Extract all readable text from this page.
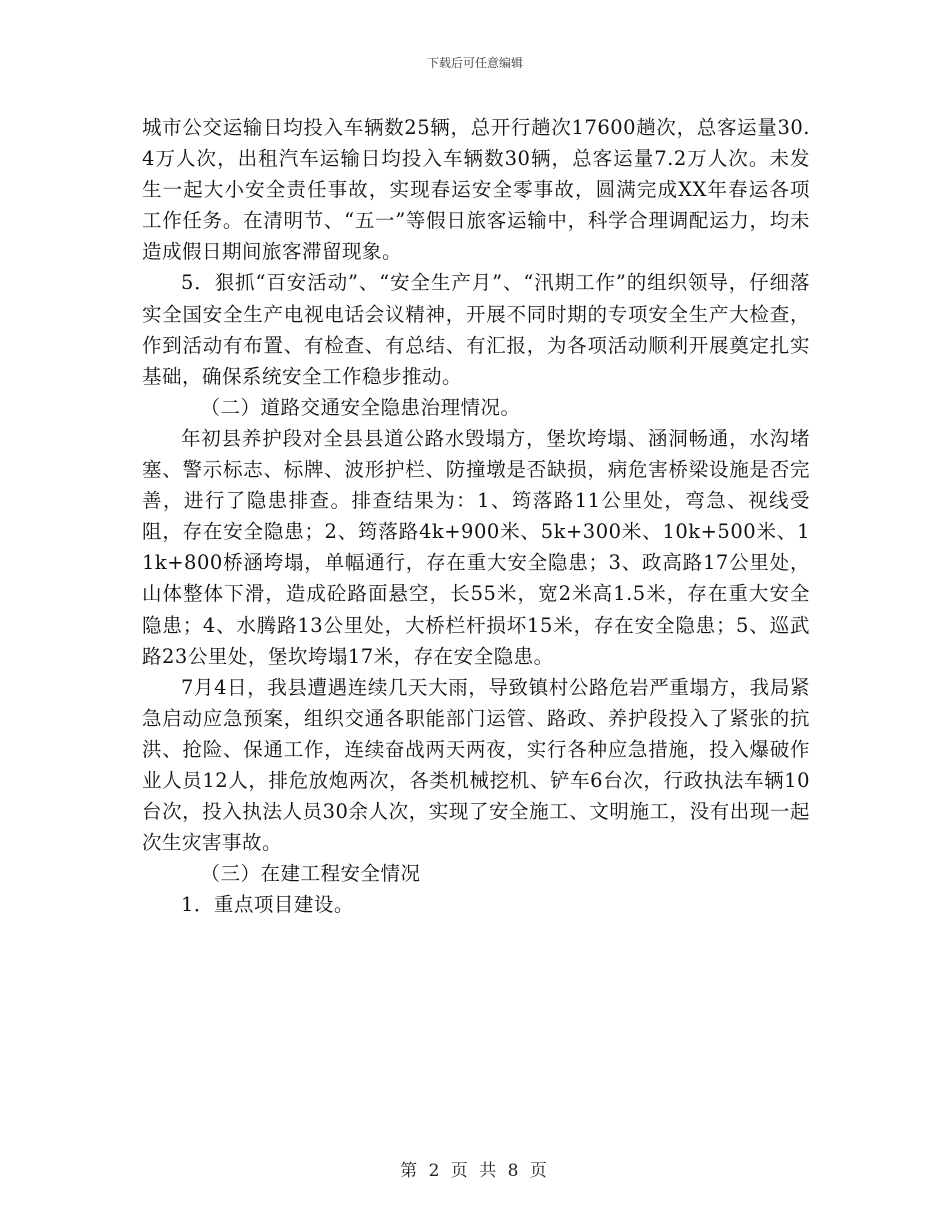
下载后可任意编辑

城市公交运输日均投入车辆数25辆，总开行趟次17600趟次，总客运量30.4万人次，出租汽车运输日均投入车辆数30辆，总客运量7.2万人次。未发生一起大小安全责任事故，实现春运安全零事故，圆满完成XX年春运各项工作任务。在清明节、“五一”等假日旅客运输中，科学合理调配运力，均未造成假日期间旅客滞留现象。

5．狠抓“百安活动”、“安全生产月”、“汛期工作”的组织领导，仔细落实全国安全生产电视电话会议精神，开展不同时期的专项安全生产大检查，作到活动有布置、有检查、有总结、有汇报，为各项活动顺利开展奠定扎实基础，确保系统安全工作稳步推动。

（二）道路交通安全隐患治理情况。

年初县养护段对全县县道公路水毁塌方，堡坎垮塌、涵洞畅通，水沟堵塞、警示标志、标牌、波形护栏、防撞墩是否缺损，病危害桥梁设施是否完善，进行了隐患排查。排查结果为：1、筠落路11公里处，弯急、视线受阻，存在安全隐患；2、筠落路4k+900米、5k+300米、10k+500米、11k+800桥涵垮塌，单幅通行，存在重大安全隐患；3、政高路17公里处，山体整体下滑，造成砼路面悬空，长55米，宽2米高1.5米，存在重大安全隐患；4、水腾路13公里处，大桥栏杆损坏15米，存在安全隐患；5、巡武路23公里处，堡坎垮塌17米，存在安全隐患。

7月4日，我县遭遇连续几天大雨，导致镇村公路危岩严重塌方，我局紧急启动应急预案，组织交通各职能部门运管、路政、养护段投入了紧张的抗洪、抢险、保通工作，连续奋战两天两夜，实行各种应急措施，投入爆破作业人员12人，排危放炮两次，各类机械挖机、铲车6台次，行政执法车辆10台次，投入执法人员30余人次，实现了安全施工、文明施工，没有出现一起次生灾害事故。

（三）在建工程安全情况

1．重点项目建设。

第 2 页 共 8 页
